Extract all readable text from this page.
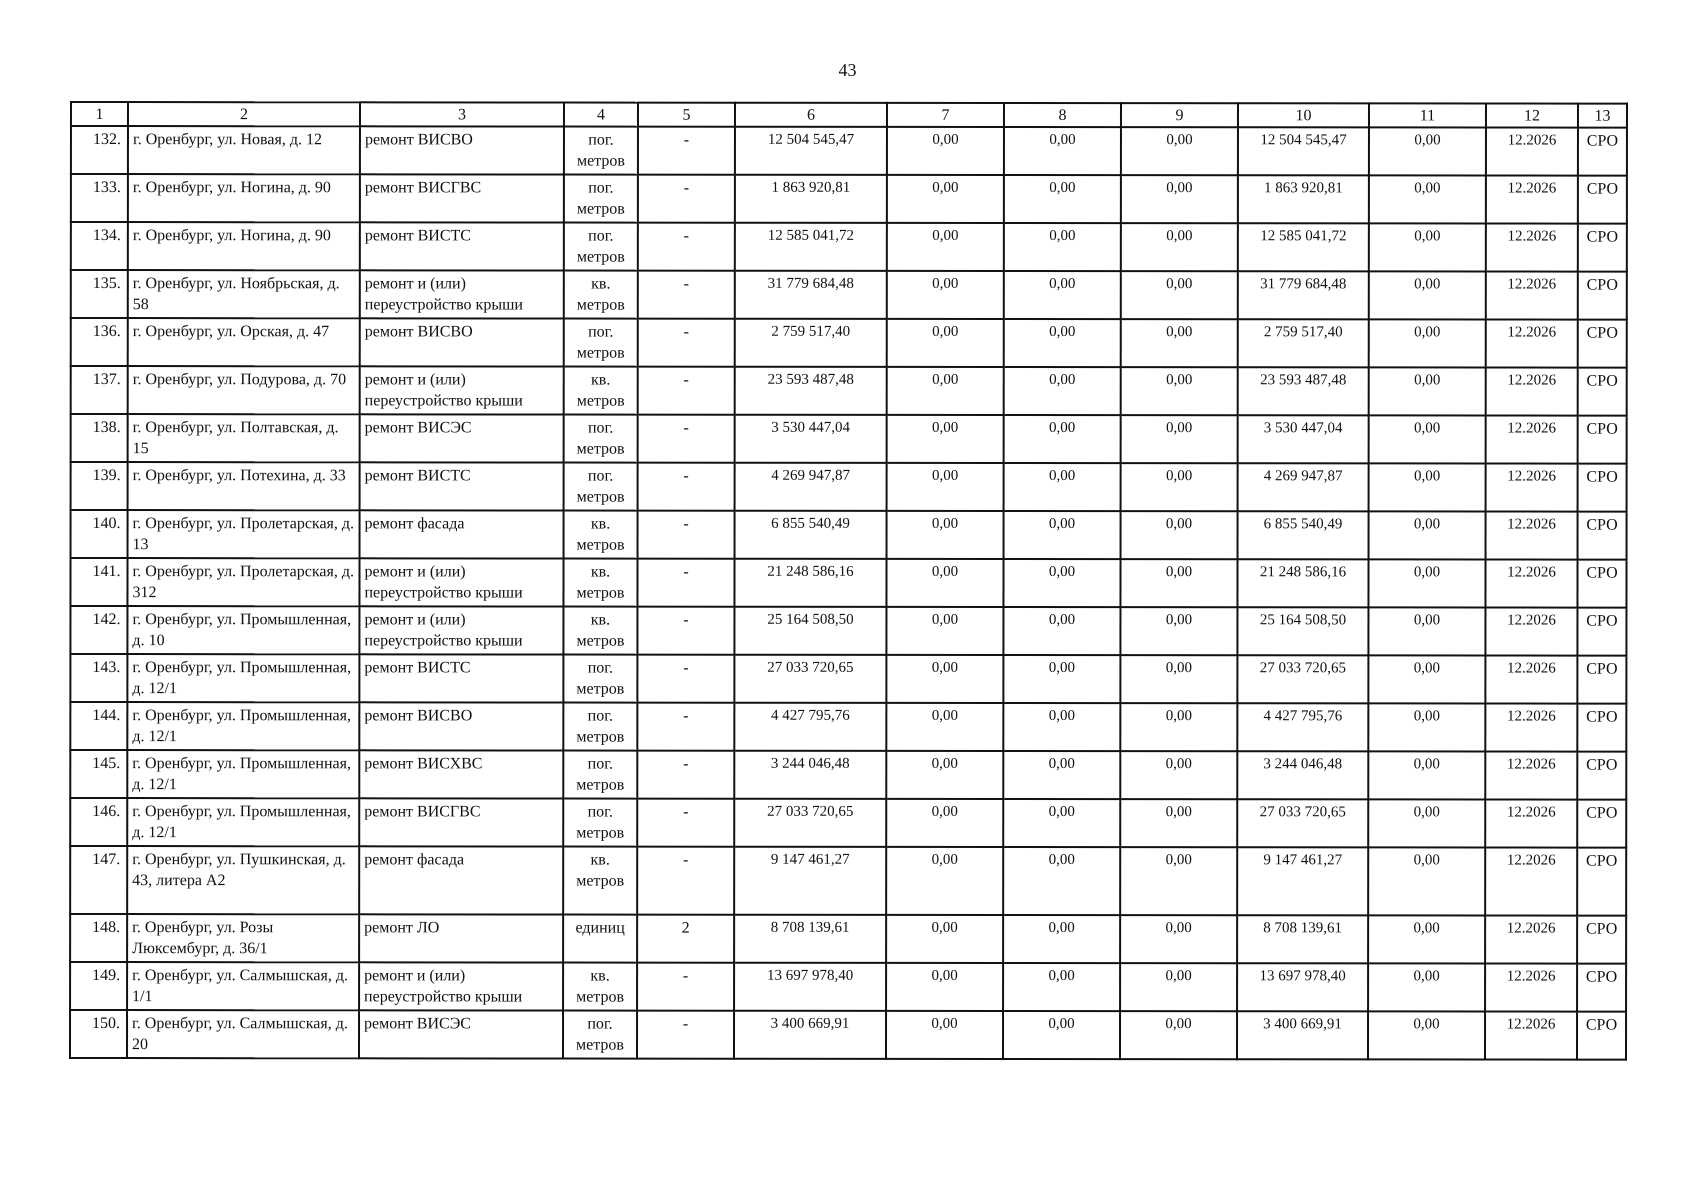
43
1	2	3	4	5	6	7	8	9	10	11	12	13
132.	г. Оренбург, ул. Новая, д. 12	ремонт ВИСВО	пог. метров	-	12 504 545,47	0,00	0,00	0,00	12 504 545,47	0,00	12.2026	СРО
133.	г. Оренбург, ул. Ногина, д. 90	ремонт ВИСГВС	пог. метров	-	1 863 920,81	0,00	0,00	0,00	1 863 920,81	0,00	12.2026	СРО
134.	г. Оренбург, ул. Ногина, д. 90	ремонт ВИСТС	пог. метров	-	12 585 041,72	0,00	0,00	0,00	12 585 041,72	0,00	12.2026	СРО
135.	г. Оренбург, ул. Ноябрьская, д. 58	ремонт и (или) переустройство крыши	кв. метров	-	31 779 684,48	0,00	0,00	0,00	31 779 684,48	0,00	12.2026	СРО
136.	г. Оренбург, ул. Орская, д. 47	ремонт ВИСВО	пог. метров	-	2 759 517,40	0,00	0,00	0,00	2 759 517,40	0,00	12.2026	СРО
137.	г. Оренбург, ул. Подурова, д. 70	ремонт и (или) переустройство крыши	кв. метров	-	23 593 487,48	0,00	0,00	0,00	23 593 487,48	0,00	12.2026	СРО
138.	г. Оренбург, ул. Полтавская, д. 15	ремонт ВИСЭС	пог. метров	-	3 530 447,04	0,00	0,00	0,00	3 530 447,04	0,00	12.2026	СРО
139.	г. Оренбург, ул. Потехина, д. 33	ремонт ВИСТС	пог. метров	-	4 269 947,87	0,00	0,00	0,00	4 269 947,87	0,00	12.2026	СРО
140.	г. Оренбург, ул. Пролетарская, д. 13	ремонт фасада	кв. метров	-	6 855 540,49	0,00	0,00	0,00	6 855 540,49	0,00	12.2026	СРО
141.	г. Оренбург, ул. Пролетарская, д. 312	ремонт и (или) переустройство крыши	кв. метров	-	21 248 586,16	0,00	0,00	0,00	21 248 586,16	0,00	12.2026	СРО
142.	г. Оренбург, ул. Промышленная, д. 10	ремонт и (или) переустройство крыши	кв. метров	-	25 164 508,50	0,00	0,00	0,00	25 164 508,50	0,00	12.2026	СРО
143.	г. Оренбург, ул. Промышленная, д. 12/1	ремонт ВИСТС	пог. метров	-	27 033 720,65	0,00	0,00	0,00	27 033 720,65	0,00	12.2026	СРО
144.	г. Оренбург, ул. Промышленная, д. 12/1	ремонт ВИСВО	пог. метров	-	4 427 795,76	0,00	0,00	0,00	4 427 795,76	0,00	12.2026	СРО
145.	г. Оренбург, ул. Промышленная, д. 12/1	ремонт ВИСХВС	пог. метров	-	3 244 046,48	0,00	0,00	0,00	3 244 046,48	0,00	12.2026	СРО
146.	г. Оренбург, ул. Промышленная, д. 12/1	ремонт ВИСГВС	пог. метров	-	27 033 720,65	0,00	0,00	0,00	27 033 720,65	0,00	12.2026	СРО
147.	г. Оренбург, ул. Пушкинская, д. 43, литера А2	ремонт фасада	кв. метров	-	9 147 461,27	0,00	0,00	0,00	9 147 461,27	0,00	12.2026	СРО
148.	г. Оренбург, ул. Розы Люксембург, д. 36/1	ремонт ЛО	единиц	2	8 708 139,61	0,00	0,00	0,00	8 708 139,61	0,00	12.2026	СРО
149.	г. Оренбург, ул. Салмышская, д. 1/1	ремонт и (или) переустройство крыши	кв. метров	-	13 697 978,40	0,00	0,00	0,00	13 697 978,40	0,00	12.2026	СРО
150.	г. Оренбург, ул. Салмышская, д. 20	ремонт ВИСЭС	пог. метров	-	3 400 669,91	0,00	0,00	0,00	3 400 669,91	0,00	12.2026	СРО
